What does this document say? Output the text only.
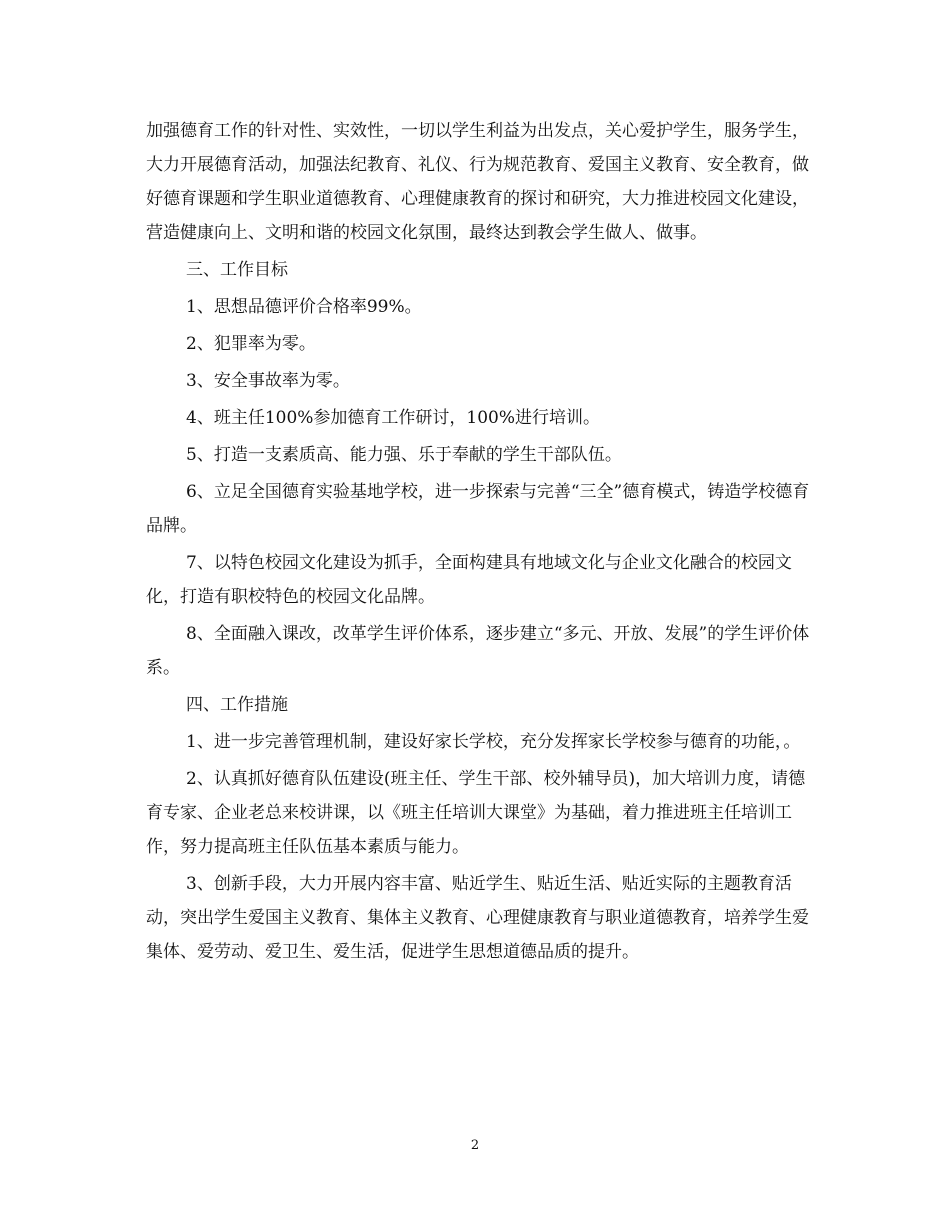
加强德育工作的针对性、实效性，一切以学生利益为出发点，关心爱护学生，服务学生，大力开展德育活动，加强法纪教育、礼仪、行为规范教育、爱国主义教育、安全教育，做好德育课题和学生职业道德教育、心理健康教育的探讨和研究，大力推进校园文化建设，营造健康向上、文明和谐的校园文化氛围，最终达到教会学生做人、做事。

三、工作目标

1、思想品德评价合格率99%。

2、犯罪率为零。

3、安全事故率为零。

4、班主任100%参加德育工作研讨，100%进行培训。

5、打造一支素质高、能力强、乐于奉献的学生干部队伍。

6、立足全国德育实验基地学校，进一步探索与完善“三全”德育模式，铸造学校德育品牌。

7、以特色校园文化建设为抓手，全面构建具有地域文化与企业文化融合的校园文化，打造有职校特色的校园文化品牌。

8、全面融入课改，改革学生评价体系，逐步建立“多元、开放、发展”的学生评价体系。

四、工作措施

1、进一步完善管理机制，建设好家长学校，充分发挥家长学校参与德育的功能，。

2、认真抓好德育队伍建设(班主任、学生干部、校外辅导员)，加大培训力度，请德育专家、企业老总来校讲课，以《班主任培训大课堂》为基础，着力推进班主任培训工作，努力提高班主任队伍基本素质与能力。

3、创新手段，大力开展内容丰富、贴近学生、贴近生活、贴近实际的主题教育活动，突出学生爱国主义教育、集体主义教育、心理健康教育与职业道德教育，培养学生爱集体、爱劳动、爱卫生、爱生活，促进学生思想道德品质的提升。

2
